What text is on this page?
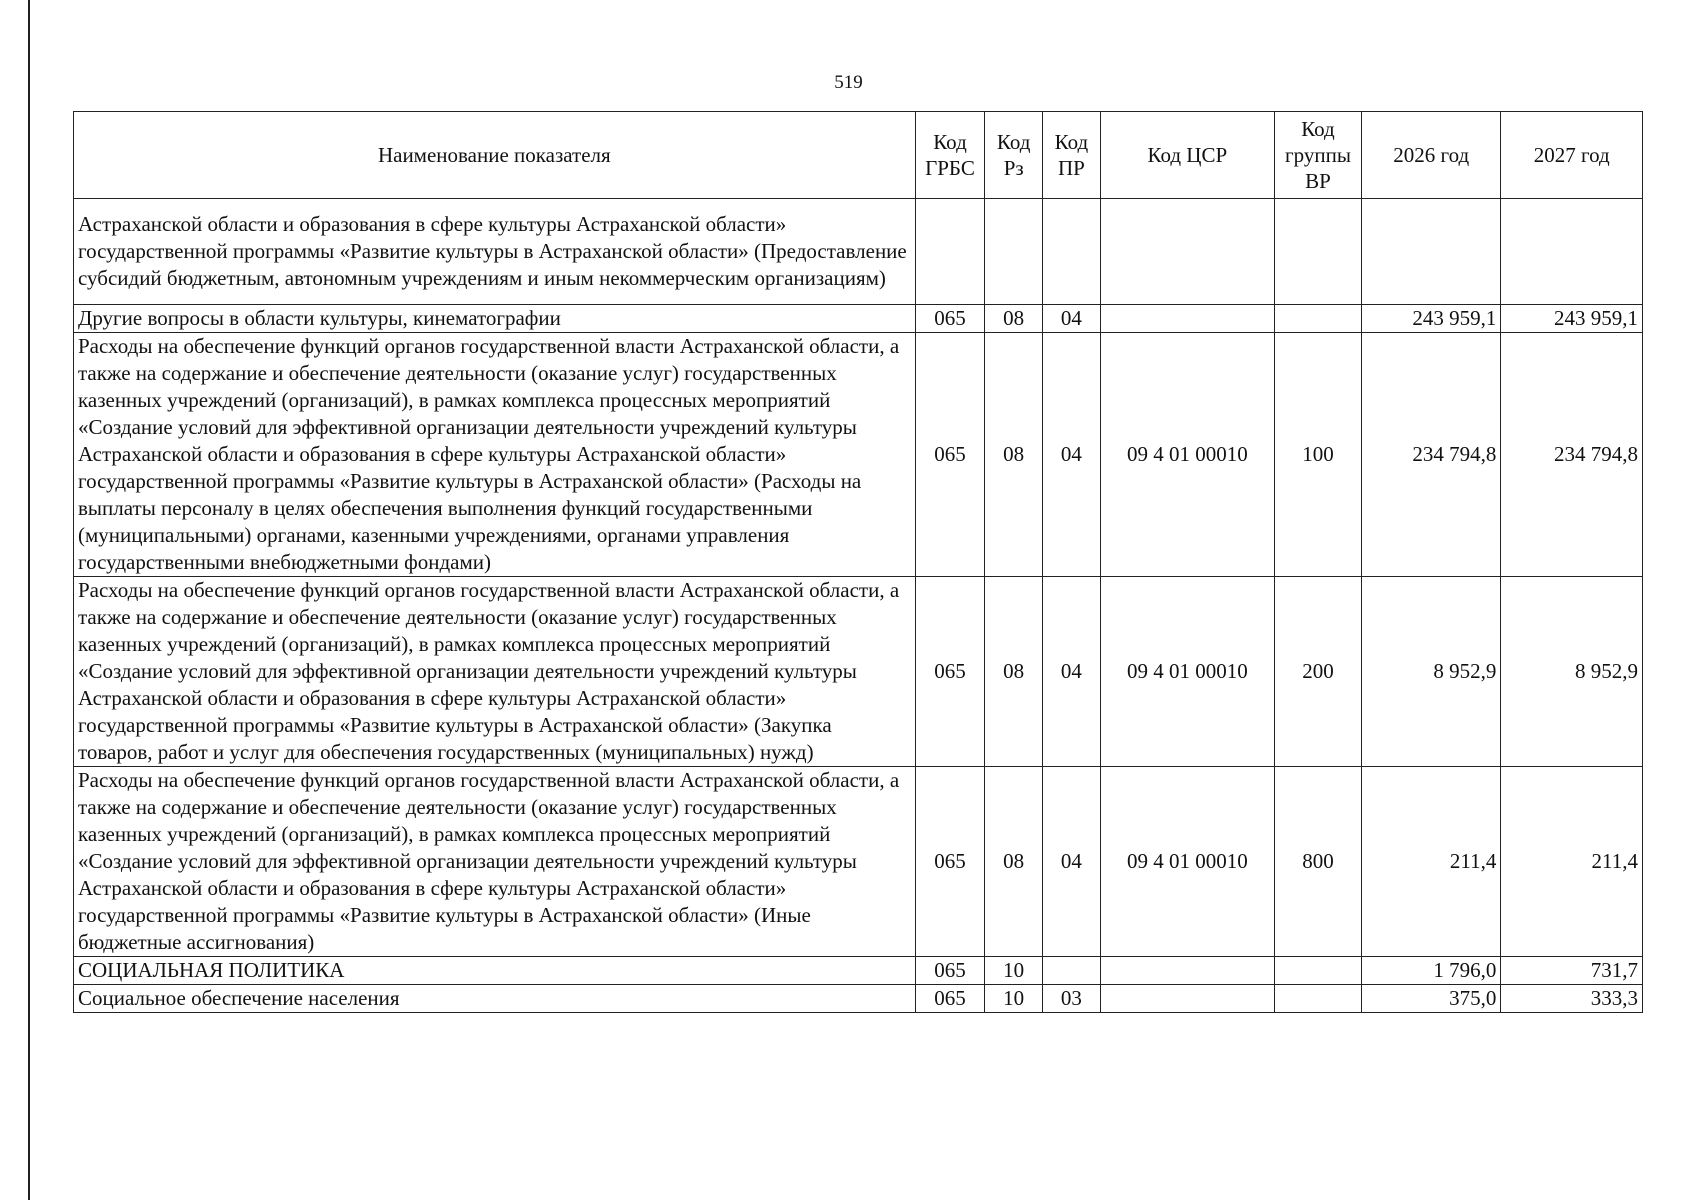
519
Наименование показателя	Код ГРБС	Код Рз	Код ПР	Код ЦСР	Код группы ВР	2026 год	2027 год
Астраханской области и образования в сфере культуры Астраханской области» государственной программы «Развитие культуры в Астраханской области» (Предоставление субсидий бюджетным, автономным учреждениям и иным некоммерческим организациям)							
Другие вопросы в области культуры, кинематографии	065	08	04			243 959,1	243 959,1
Расходы на обеспечение функций органов государственной власти Астраханской области, а также на содержание и обеспечение деятельности (оказание услуг) государственных казенных учреждений (организаций), в рамках комплекса процессных мероприятий «Создание условий для эффективной организации деятельности учреждений культуры Астраханской области и образования в сфере культуры Астраханской области» государственной программы «Развитие культуры в Астраханской области» (Расходы на выплаты персоналу в целях обеспечения выполнения функций государственными (муниципальными) органами, казенными учреждениями, органами управления государственными внебюджетными фондами)	065	08	04	09 4 01 00010	100	234 794,8	234 794,8
Расходы на обеспечение функций органов государственной власти Астраханской области, а также на содержание и обеспечение деятельности (оказание услуг) государственных казенных учреждений (организаций), в рамках комплекса процессных мероприятий «Создание условий для эффективной организации деятельности учреждений культуры Астраханской области и образования в сфере культуры Астраханской области» государственной программы «Развитие культуры в Астраханской области» (Закупка товаров, работ и услуг для обеспечения государственных (муниципальных) нужд)	065	08	04	09 4 01 00010	200	8 952,9	8 952,9
Расходы на обеспечение функций органов государственной власти Астраханской области, а также на содержание и обеспечение деятельности (оказание услуг) государственных казенных учреждений (организаций), в рамках комплекса процессных мероприятий «Создание условий для эффективной организации деятельности учреждений культуры Астраханской области и образования в сфере культуры Астраханской области» государственной программы «Развитие культуры в Астраханской области» (Иные бюджетные ассигнования)	065	08	04	09 4 01 00010	800	211,4	211,4
СОЦИАЛЬНАЯ ПОЛИТИКА	065	10				1 796,0	731,7
Социальное обеспечение населения	065	10	03			375,0	333,3
